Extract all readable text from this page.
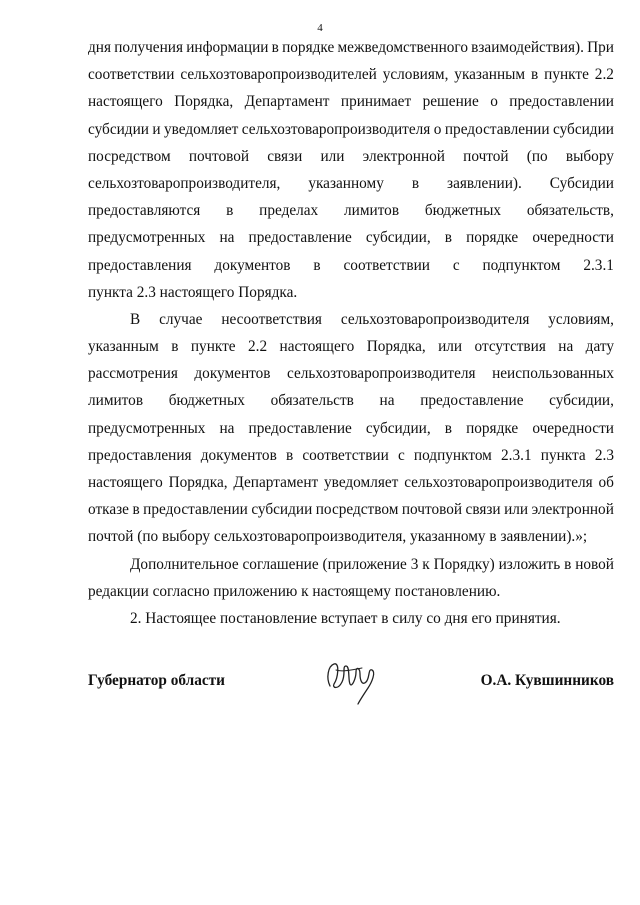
4
дня получения информации в порядке межведомственного взаимодействия). При
соответствии сельхозтоваропроизводителей условиям, указанным в пункте 2.2
настоящего Порядка, Департамент принимает решение о предоставлении
субсидии и уведомляет сельхозтоваропроизводителя о предоставлении субсидии
посредством почтовой связи или электронной почтой (по выбору
сельхозтоваропроизводителя, указанному в заявлении). Субсидии
предоставляются в пределах лимитов бюджетных обязательств,
предусмотренных на предоставление субсидии, в порядке очередности
предоставления документов в соответствии с подпунктом 2.3.1
пункта 2.3 настоящего Порядка.
В случае несоответствия сельхозтоваропроизводителя условиям,
указанным в пункте 2.2 настоящего Порядка, или отсутствия на дату
рассмотрения документов сельхозтоваропроизводителя неиспользованных
лимитов бюджетных обязательств на предоставление субсидии,
предусмотренных на предоставление субсидии, в порядке очередности
предоставления документов в соответствии с подпунктом 2.3.1 пункта 2.3
настоящего Порядка, Департамент уведомляет сельхозтоваропроизводителя об
отказе в предоставлении субсидии посредством почтовой связи или электронной
почтой (по выбору сельхозтоваропроизводителя, указанному в заявлении).»;
Дополнительное соглашение (приложение 3 к Порядку) изложить в новой
редакции согласно приложению к настоящему постановлению.
2. Настоящее постановление вступает в силу со дня его принятия.
Губернатор области	О.А. Кувшинников
